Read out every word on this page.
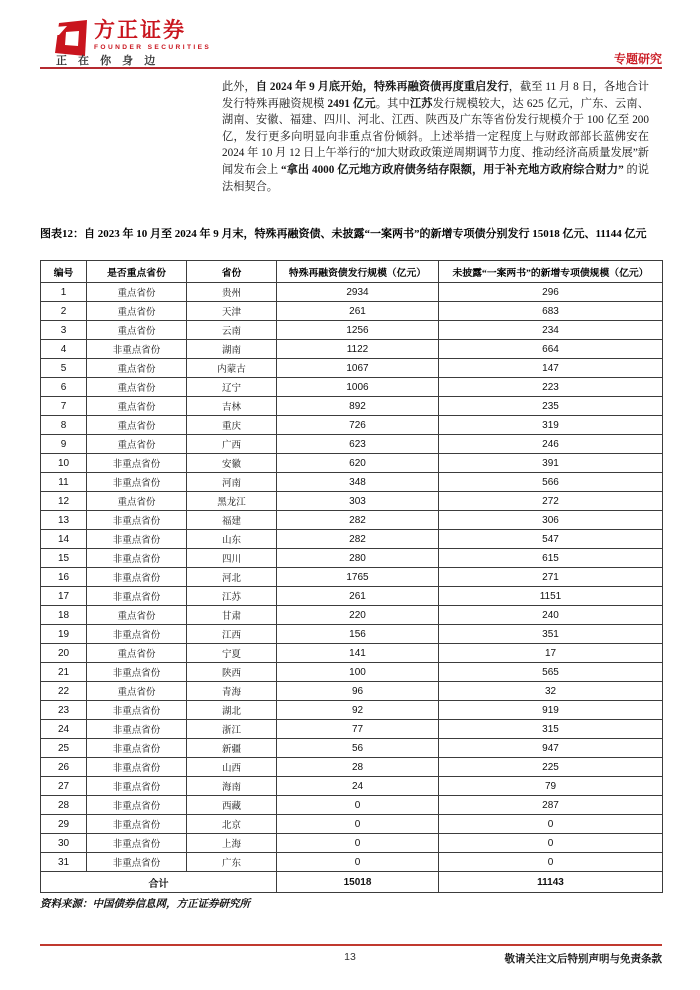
方正证券
FOUNDER SECURITIES
正 在 你 身 边	专题研究
此外，自 2024 年 9 月底开始，特殊再融资债再度重启发行，截至 11 月 8 日，各地合计发行特殊再融资规模 2491 亿元。其中江苏发行规模较大，达 625 亿元，广东、云南、湖南、安徽、福建、四川、河北、江西、陕西及广东等省份发行规模介于 100 亿至 200 亿，发行更多向明显向非重点省份倾斜。上述举措一定程度上与财政部部长蓝佛安在 2024 年 10 月 12 日上午举行的“加大财政政策逆周期调节力度、推动经济高质量发展”新闻发布会上 “拿出 4000 亿元地方政府债务结存限额，用于补充地方政府综合财力” 的说法相契合。
图表12：自 2023 年 10 月至 2024 年 9 月末，特殊再融资债、未披露“一案两书”的新增专项债分别发行 15018 亿元、11144 亿元
编号	是否重点省份	省份	特殊再融资债发行规模（亿元）	未披露“一案两书”的新增专项债规模（亿元）
1	重点省份	贵州	2934	296
2	重点省份	天津	261	683
3	重点省份	云南	1256	234
4	非重点省份	湖南	1122	664
5	重点省份	内蒙古	1067	147
6	重点省份	辽宁	1006	223
7	重点省份	吉林	892	235
8	重点省份	重庆	726	319
9	重点省份	广西	623	246
10	非重点省份	安徽	620	391
11	非重点省份	河南	348	566
12	重点省份	黑龙江	303	272
13	非重点省份	福建	282	306
14	非重点省份	山东	282	547
15	非重点省份	四川	280	615
16	非重点省份	河北	1765	271
17	非重点省份	江苏	261	1151
18	重点省份	甘肃	220	240
19	非重点省份	江西	156	351
20	重点省份	宁夏	141	17
21	非重点省份	陕西	100	565
22	重点省份	青海	96	32
23	非重点省份	湖北	92	919
24	非重点省份	浙江	77	315
25	非重点省份	新疆	56	947
26	非重点省份	山西	28	225
27	非重点省份	海南	24	79
28	非重点省份	西藏	0	287
29	非重点省份	北京	0	0
30	非重点省份	上海	0	0
31	非重点省份	广东	0	0
合计			15018	11143
资料来源：中国债券信息网，方正证券研究所
13	敬请关注文后特别声明与免责条款
